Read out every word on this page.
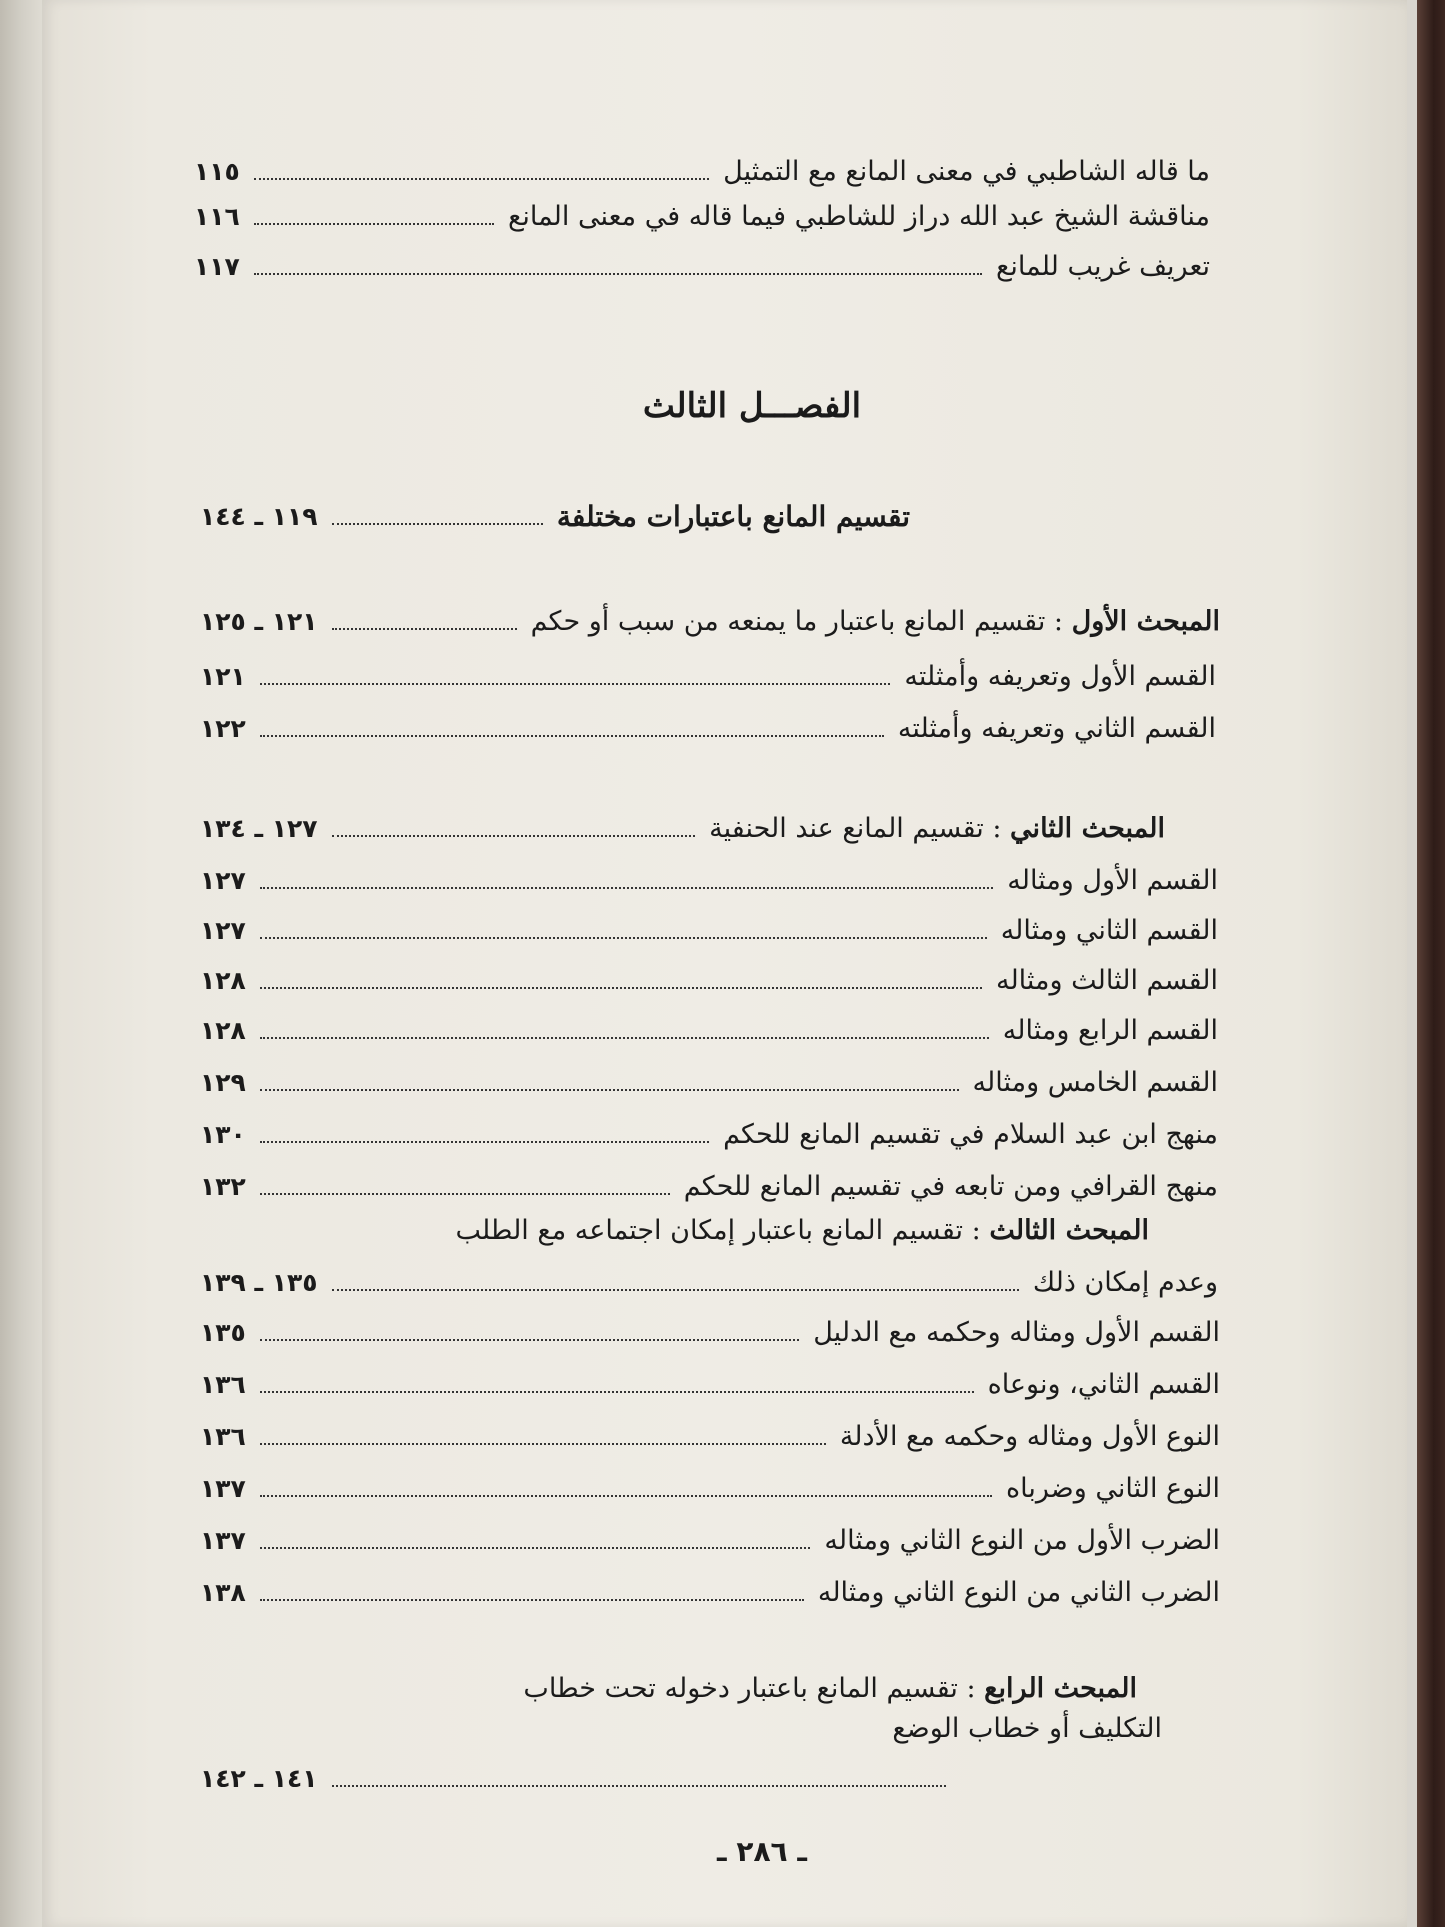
ما قاله الشاطبي في معنى المانع مع التمثيل
١١٥
مناقشة الشيخ عبد الله دراز للشاطبي فيما قاله في معنى المانع
١١٦
تعريف غريب للمانع
١١٧
الفصـــل الثالث
تقسيم المانع باعتبارات مختلفة
١١٩ ـ ١٤٤
المبحث الأول : تقسيم المانع باعتبار ما يمنعه من سبب أو حكم
١٢١ ـ ١٢٥
القسم الأول وتعريفه وأمثلته
١٢١
القسم الثاني وتعريفه وأمثلته
١٢٢
المبحث الثاني : تقسيم المانع عند الحنفية
١٢٧ ـ ١٣٤
القسم الأول ومثاله
١٢٧
القسم الثاني ومثاله
١٢٧
القسم الثالث ومثاله
١٢٨
القسم الرابع ومثاله
١٢٨
القسم الخامس ومثاله
١٢٩
منهج ابن عبد السلام في تقسيم المانع للحكم
١٣٠
منهج القرافي ومن تابعه في تقسيم المانع للحكم
١٣٢
المبحث الثالث : تقسيم المانع باعتبار إمكان اجتماعه مع الطلب
وعدم إمكان ذلك
١٣٥ ـ ١٣٩
القسم الأول ومثاله وحكمه مع الدليل
١٣٥
القسم الثاني، ونوعاه
١٣٦
النوع الأول ومثاله وحكمه مع الأدلة
١٣٦
النوع الثاني وضرباه
١٣٧
الضرب الأول من النوع الثاني ومثاله
١٣٧
الضرب الثاني من النوع الثاني ومثاله
١٣٨
المبحث الرابع : تقسيم المانع باعتبار دخوله تحت خطاب
التكليف أو خطاب الوضع
١٤١ ـ ١٤٢
ـ ٢٨٦ ـ
